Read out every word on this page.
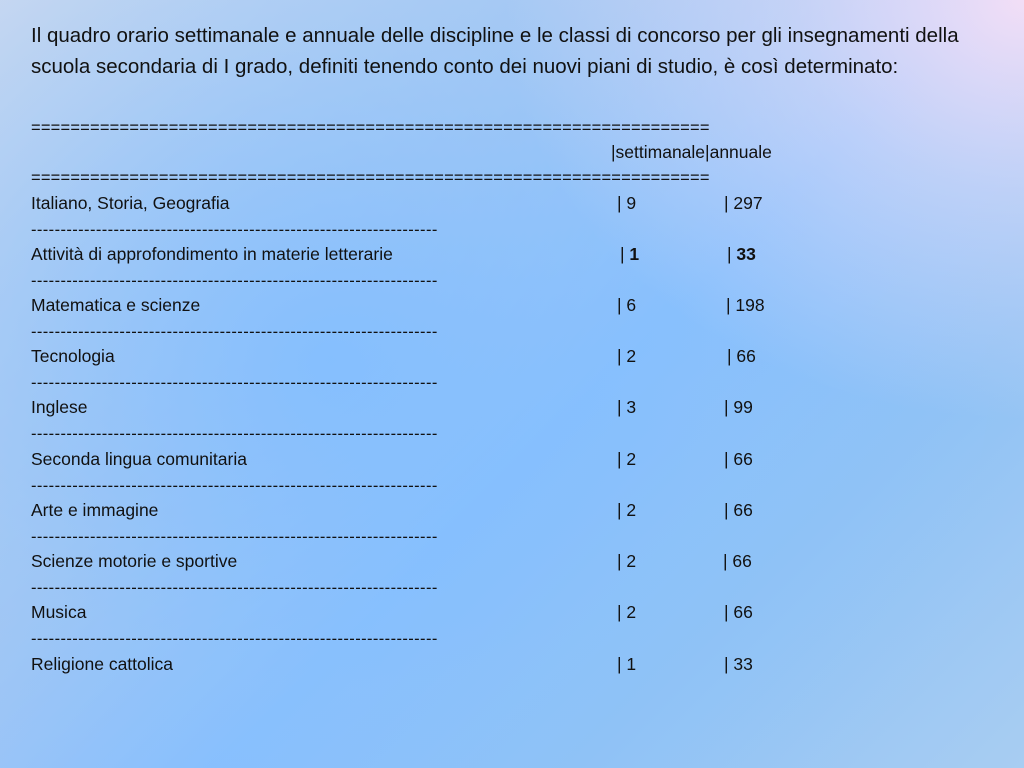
Il quadro orario settimanale e annuale delle discipline e le classi di concorso per gli insegnamenti della scuola secondaria di I grado, definiti tenendo conto dei nuovi piani di studio, è così determinato:

=====================================================================
|settimanale|annuale
=====================================================================
Italiano, Storia, Geografia	| 9	| 297
---------------------------------------------------------------------
Attività di approfondimento in materie letterarie	| 1	| 33
---------------------------------------------------------------------
Matematica e scienze	| 6	| 198
---------------------------------------------------------------------
Tecnologia	| 2	| 66
---------------------------------------------------------------------
Inglese	| 3	| 99
---------------------------------------------------------------------
Seconda lingua comunitaria	| 2	| 66
---------------------------------------------------------------------
Arte e immagine	| 2	| 66
---------------------------------------------------------------------
Scienze motorie e sportive	| 2	| 66
---------------------------------------------------------------------
Musica	| 2	| 66
---------------------------------------------------------------------
Religione cattolica	| 1	| 33
